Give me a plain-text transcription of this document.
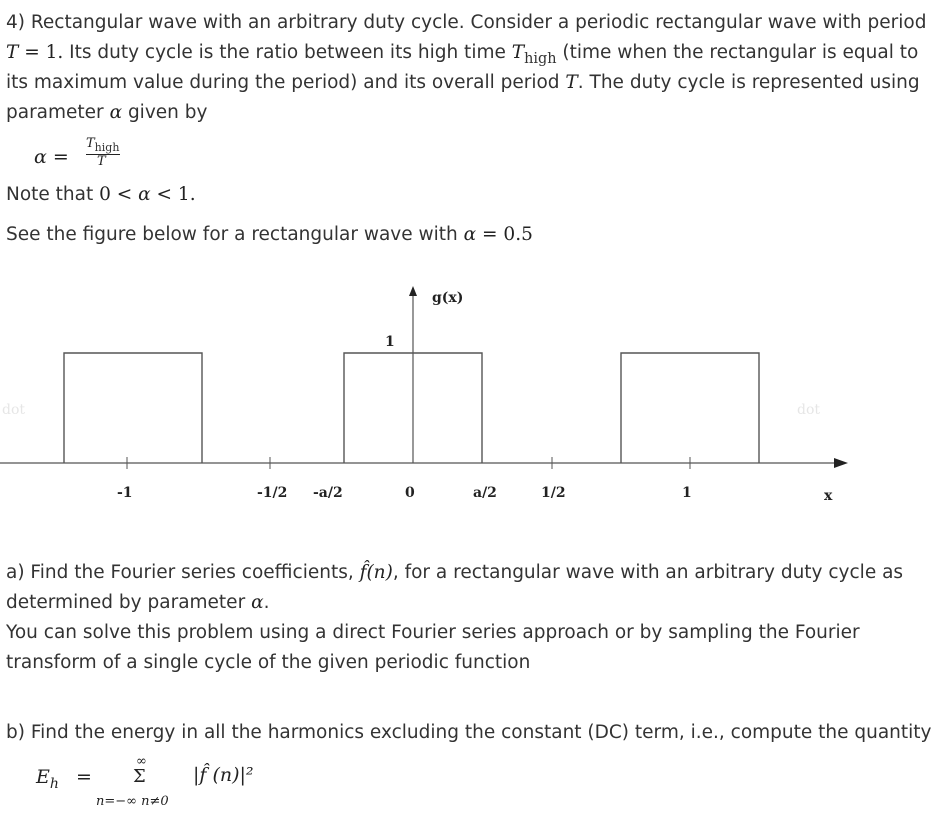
4) Rectangular wave with an arbitrary duty cycle. Consider a periodic rectangular wave with period
T = 1. Its duty cycle is the ratio between its high time $T_{high}$ (time when the rectangular is equal to
its maximum value during the period) and its overall period T. The duty cycle is represented using
parameter α given by
α =
$T_{high}$
T
Note that 0 < α < 1.
See the figure below for a rectangular wave with α = 0.5
g(x)
1
-1	-1/2 -a/2	0	a/2	1/2	1	x
dot	dot
a) Find the Fourier series coefficients, f̂(n), for a rectangular wave with an arbitrary duty cycle as
determined by parameter α.
You can solve this problem using a direct Fourier series approach or by sampling the Fourier
transform of a single cycle of the given periodic function
b) Find the energy in all the harmonics excluding the constant (DC) term, i.e., compute the quantity
$E_h$ =
∞
Σ
n=−∞ n≠0
|f̂ (n)|²
